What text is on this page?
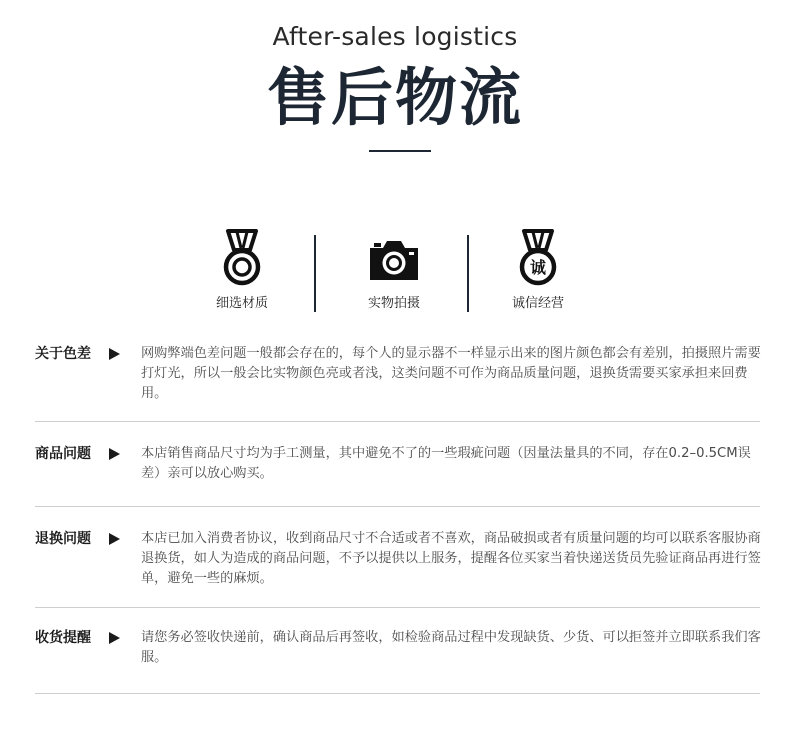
After-sales logistics
售后物流
细选材质	实物拍摄
诚
诚信经营
关于色差	网购弊端色差问题一般都会存在的，每个人的显示器不一样显示出来的图片颜色都会有差别，拍摄照片需要打灯光，所以一般会比实物颜色亮或者浅，这类问题不可作为商品质量问题，退换货需要买家承担来回费用。
商品问题	本店销售商品尺寸均为手工测量，其中避免不了的一些瑕疵问题（因量法量具的不同，存在0.2–0.5CM误差）亲可以放心购买。
退换问题	本店已加入消费者协议，收到商品尺寸不合适或者不喜欢，商品破损或者有质量问题的均可以联系客服协商退换货，如人为造成的商品问题，不予以提供以上服务，提醒各位买家当着快递送货员先验证商品再进行签单，避免一些的麻烦。
收货提醒	请您务必签收快递前，确认商品后再签收，如检验商品过程中发现缺货、少货、可以拒签并立即联系我们客服。
